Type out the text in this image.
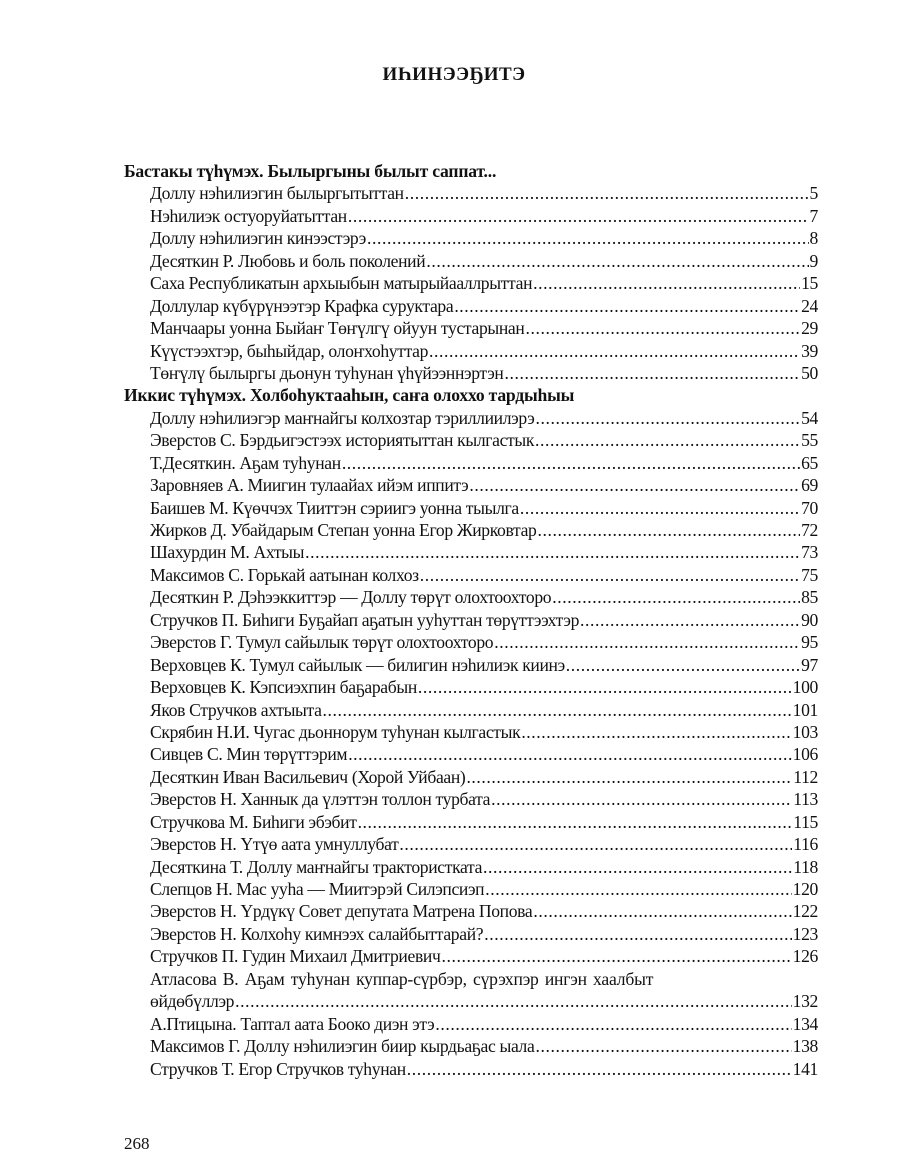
ИҺИНЭЭҔИТЭ
Бастакы түһүмэх. Былыргыны былыт саппат...
Доллу нэһилиэгин былыргытыттан .....	5
Нэһилиэк остуоруйатыттан .....	7
Доллу нэһилиэгин кинээстэрэ .....	8
Десяткин Р. Любовь и боль поколений .....	9
Саха Республикатын архыыбын матырыйааллрыттан .....	15
Доллулар күбүрүнээтэр Крафка суруктара .....	24
Манчаары уонна Быйаҥ Төҥүлгү ойуун тустарынан .....	29
Күүстээхтэр, быһыйдар, олоҥхоһуттар .....	39
Төҥүлү былыргы дьонун туһунан үһүйээннэртэн .....	50
Иккис түһүмэх. Холбоһуктааһын, саҥа олоххо тардыһыы
Доллу нэһилиэгэр маҥнайгы колхозтар тэриллиилэрэ .....	54
Эверстов С. Бэрдьигэстээх историятыттан кылгастык .....	55
Т.Десяткин. Аҕам туһунан .....	65
Заровняев А. Миигин тулаайах ийэм иппитэ .....	69
Баишев М. Күөччэх Тииттэн сэриигэ уонна тыылга .....	70
Жирков Д. Убайдарым Степан уонна Егор Жирковтар .....	72
Шахурдин М. Ахтыы .....	73
Максимов С. Горькай аатынан колхоз .....	75
Десяткин Р. Дэһээккиттэр — Доллу төрүт олохтоохторо .....	85
Стручков П. Биһиги Буҕайап аҕатын ууһуттан төрүттээхтэр .....	90
Эверстов Г. Тумул сайылык төрүт олохтоохторо .....	95
Верховцев К. Тумул сайылык — билигин нэһилиэк киинэ .....	97
Верховцев К. Кэпсиэхпин баҕарабын .....	100
Яков Стручков ахтыыта .....	101
Скрябин Н.И. Чугас дьоннорум туһунан кылгастык .....	103
Сивцев С. Мин төрүттэрим .....	106
Десяткин Иван Васильевич (Хорой Уйбаан) .....	112
Эверстов Н. Ханнык да үлэттэн толлон турбата .....	113
Стручкова М. Биһиги эбэбит .....	115
Эверстов Н. Үтүө аата умнуллубат .....	116
Десяткина Т. Доллу маҥнайгы трактористката .....	118
Слепцов Н. Мас ууһа — Миитэрэй Силэпсиэп .....	120
Эверстов Н. Үрдүкү Совет депутата Матрена Попова .....	122
Эверстов Н. Колхоһу кимнээх салайбыттарай? .....	123
Стручков П. Гудин Михаил Дмитриевич .....	126
Атласова В. Аҕам туһунан куппар-сүрбэр, сүрэхпэр ингэн хаалбыт
өйдөбүллэр .....	132
А.Птицына. Таптал аата Бооко диэн этэ .....	134
Максимов Г. Доллу нэһилиэгин биир кырдьаҕас ыала .....	138
Стручков Т. Егор Стручков туһунан .....	141
268
